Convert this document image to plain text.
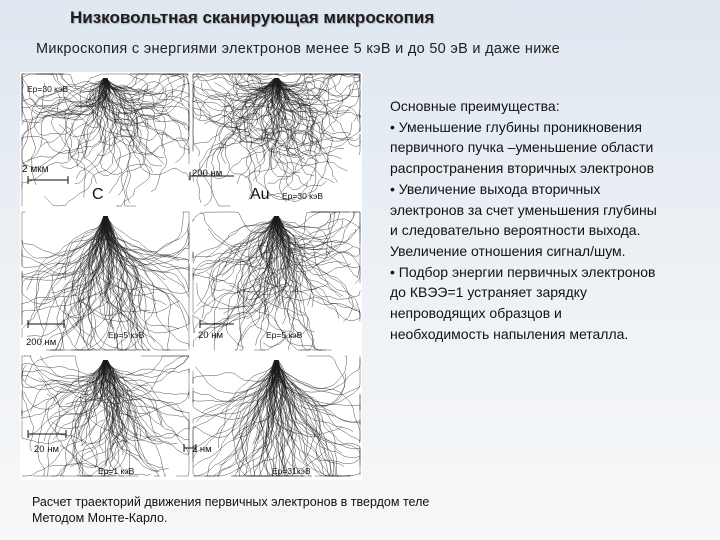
Низковольтная сканирующая микроскопия
Микроскопия с энергиями электронов менее 5 кэВ и до 50 эВ и даже ниже
Ep=30 кэВ
2 мкм
C
200 нм
Au Ep=30 кэВ
200 нм
Ep=5 кэВ	20 нм	Ep=5 кэВ
20 нм
Ep=1 кэВ
2 нм
Ep=31кэВ
Расчет траекторий движения первичных электронов в твердом теле
Методом Монте-Карло.

Основные преимущества:

• Уменьшение глубины проникновения первичного пучка –уменьшение области распространения вторичных электронов

• Увеличение выхода вторичных электронов за счет уменьшения глубины и следовательно вероятности выхода. Увеличение отношения сигнал/шум.

• Подбор энергии первичных электронов до КВЭЭ=1 устраняет зарядку непроводящих образцов и необходимость напыления металла.
